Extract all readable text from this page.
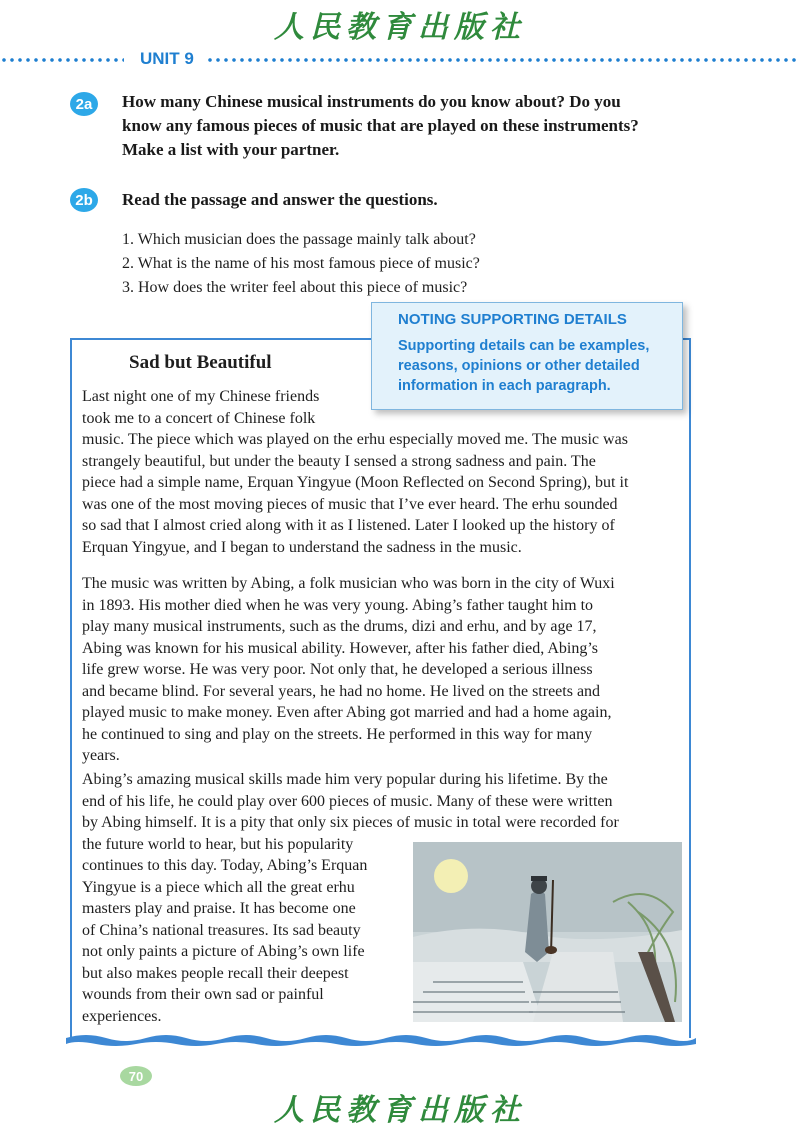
人民教育出版社
UNIT 9
2a	How many Chinese musical instruments do you know about? Do you
know any famous pieces of music that are played on these instruments?
Make a list with your partner.
2b	Read the passage and answer the questions.
1. Which musician does the passage mainly talk about?
2. What is the name of his most famous piece of music?
3. How does the writer feel about this piece of music?
Sad but Beautiful
NOTING SUPPORTING DETAILS
Supporting details can be examples,
reasons, opinions or other detailed
information in each paragraph.
Last night one of my Chinese friends
took me to a concert of Chinese folk
music. The piece which was played on the erhu especially moved me. The music was
strangely beautiful, but under the beauty I sensed a strong sadness and pain. The
piece had a simple name, Erquan Yingyue (Moon Reflected on Second Spring), but it
was one of the most moving pieces of music that I’ve ever heard. The erhu sounded
so sad that I almost cried along with it as I listened. Later I looked up the history of
Erquan Yingyue, and I began to understand the sadness in the music.
The music was written by Abing, a folk musician who was born in the city of Wuxi
in 1893. His mother died when he was very young. Abing’s father taught him to
play many musical instruments, such as the drums, dizi and erhu, and by age 17,
Abing was known for his musical ability. However, after his father died, Abing’s
life grew worse. He was very poor. Not only that, he developed a serious illness
and became blind. For several years, he had no home. He lived on the streets and
played music to make money. Even after Abing got married and had a home again,
he continued to sing and play on the streets. He performed in this way for many
years.
Abing’s amazing musical skills made him very popular during his lifetime. By the
end of his life, he could play over 600 pieces of music. Many of these were written
by Abing himself. It is a pity that only six pieces of music in total were recorded for
the future world to hear, but his popularity
continues to this day. Today, Abing’s Erquan
Yingyue is a piece which all the great erhu
masters play and praise. It has become one
of China’s national treasures. Its sad beauty
not only paints a picture of Abing’s own life
but also makes people recall their deepest
wounds from their own sad or painful
experiences.
70
人民教育出版社
